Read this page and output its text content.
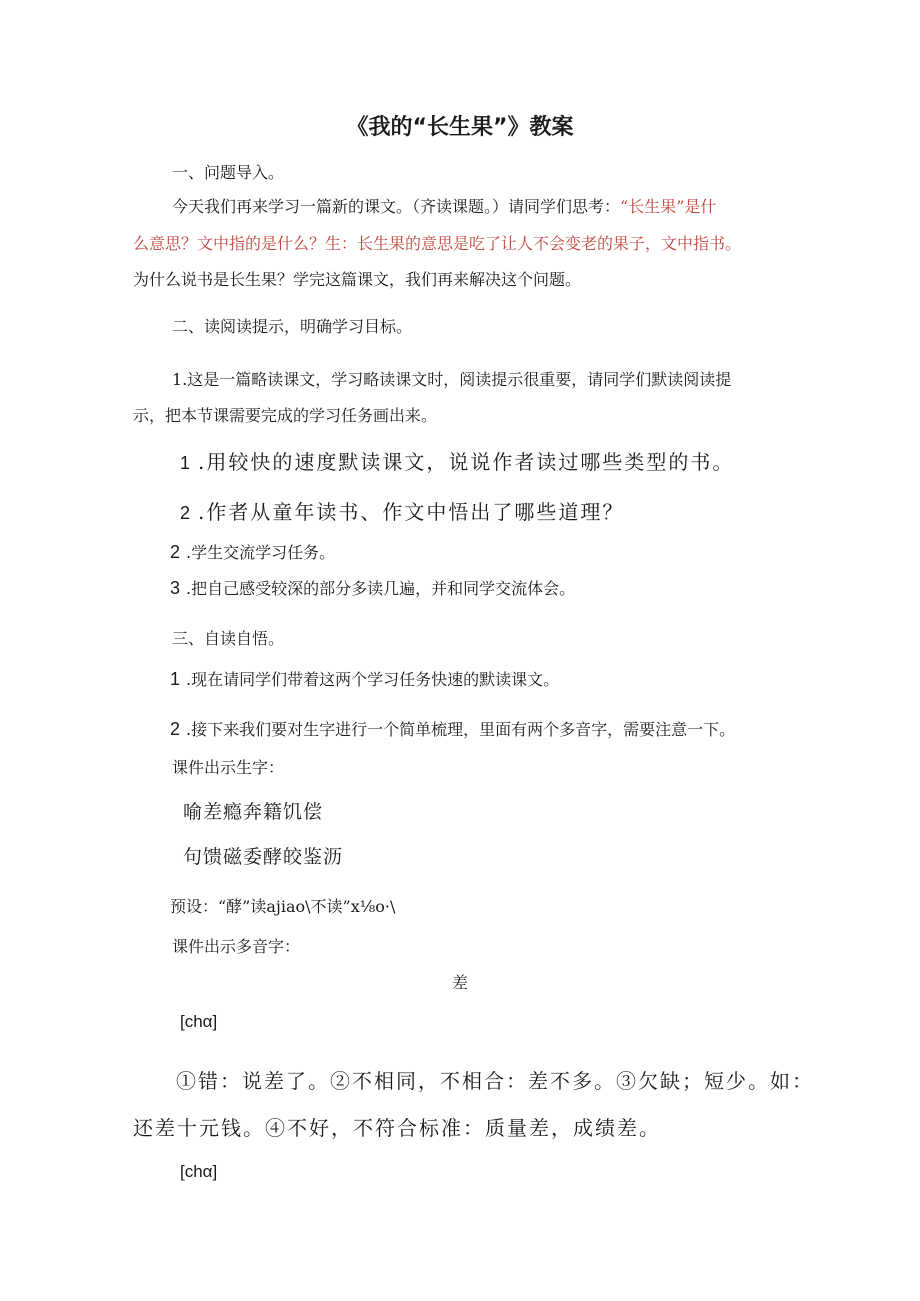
《我的“长生果”》教案

一、问题导入。

今天我们再来学习一篇新的课文。（齐读课题。）请同学们思考：“长生果”是什

么意思？文中指的是什么？生：长生果的意思是吃了让人不会变老的果子，文中指书。

为什么说书是长生果？学完这篇课文，我们再来解决这个问题。

二、读阅读提示，明确学习目标。

1.这是一篇略读课文，学习略读课文时，阅读提示很重要，请同学们默读阅读提

示，把本节课需要完成的学习任务画出来。

1 .用较快的速度默读课文，说说作者读过哪些类型的书。

2 .作者从童年读书、作文中悟出了哪些道理？

2 .学生交流学习任务。

3 .把自己感受较深的部分多读几遍，并和同学交流体会。

三、自读自悟。

1 .现在请同学们带着这两个学习任务快速的默读课文。

2 .接下来我们要对生字进行一个简单梳理，里面有两个多音字，需要注意一下。

课件出示生字：

喻差瘾奔籍饥偿

句馈磁委酵皎鉴沥

预设：“酵”读ajiao\不读”x⅛o·\

课件出示多音字：

差

[chα]

①错：说差了。②不相同，不相合：差不多。③欠缺；短少。如：

还差十元钱。④不好，不符合标准：质量差，成绩差。

[chα]
